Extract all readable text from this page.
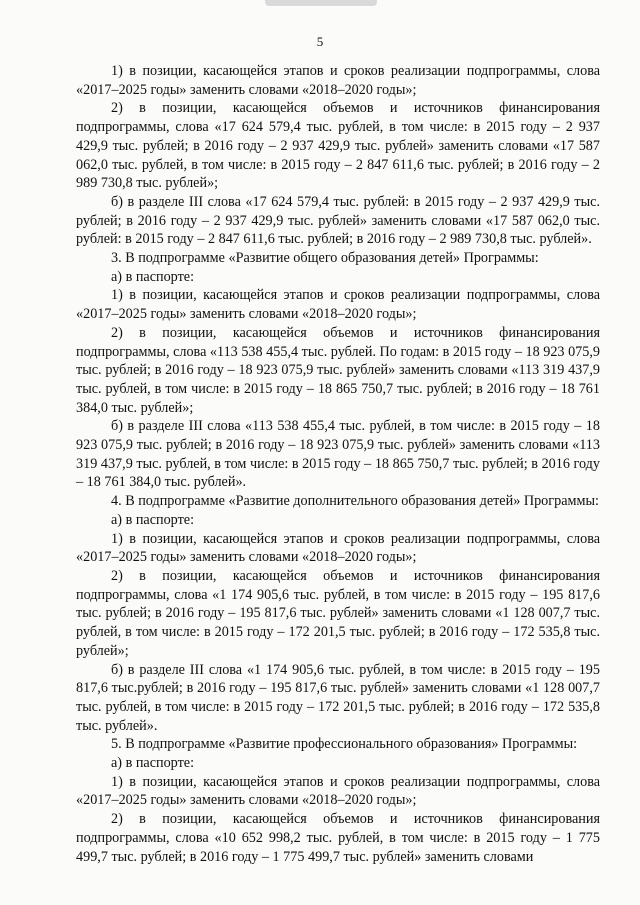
5

1) в позиции, касающейся этапов и сроков реализации подпрограммы, слова «2017–2025 годы» заменить словами «2018–2020 годы»;

2) в позиции, касающейся объемов и источников финансирования подпрограммы, слова «17 624 579,4 тыс. рублей, в том числе: в 2015 году – 2 937 429,9 тыс. рублей; в 2016 году – 2 937 429,9 тыс. рублей» заменить словами «17 587 062,0 тыс. рублей, в том числе: в 2015 году – 2 847 611,6 тыс. рублей; в 2016 году – 2 989 730,8 тыс. рублей»;

б) в разделе III слова «17 624 579,4 тыс. рублей: в 2015 году – 2 937 429,9 тыс. рублей; в 2016 году – 2 937 429,9 тыс. рублей» заменить словами «17 587 062,0 тыс. рублей: в 2015 году – 2 847 611,6 тыс. рублей; в 2016 году – 2 989 730,8 тыс. рублей».

3. В подпрограмме «Развитие общего образования детей» Программы:

а) в паспорте:

1) в позиции, касающейся этапов и сроков реализации подпрограммы, слова «2017–2025 годы» заменить словами «2018–2020 годы»;

2) в позиции, касающейся объемов и источников финансирования подпрограммы, слова «113 538 455,4 тыс. рублей. По годам: в 2015 году – 18 923 075,9 тыс. рублей; в 2016 году – 18 923 075,9 тыс. рублей» заменить словами «113 319 437,9 тыс. рублей, в том числе: в 2015 году – 18 865 750,7 тыс. рублей; в 2016 году – 18 761 384,0 тыс. рублей»;

б) в разделе III слова «113 538 455,4 тыс. рублей, в том числе: в 2015 году – 18 923 075,9 тыс. рублей; в 2016 году – 18 923 075,9 тыс. рублей» заменить словами «113 319 437,9 тыс. рублей, в том числе: в 2015 году – 18 865 750,7 тыс. рублей; в 2016 году – 18 761 384,0 тыс. рублей».

4. В подпрограмме «Развитие дополнительного образования детей» Программы:

а) в паспорте:

1) в позиции, касающейся этапов и сроков реализации подпрограммы, слова «2017–2025 годы» заменить словами «2018–2020 годы»;

2) в позиции, касающейся объемов и источников финансирования подпрограммы, слова «1 174 905,6 тыс. рублей, в том числе: в 2015 году – 195 817,6 тыс. рублей; в 2016 году – 195 817,6 тыс. рублей» заменить словами «1 128 007,7 тыс. рублей, в том числе: в 2015 году – 172 201,5 тыс. рублей; в 2016 году – 172 535,8 тыс. рублей»;

б) в разделе III слова «1 174 905,6 тыс. рублей, в том числе: в 2015 году – 195 817,6 тыс.рублей; в 2016 году – 195 817,6 тыс. рублей» заменить словами «1 128 007,7 тыс. рублей, в том числе: в 2015 году – 172 201,5 тыс. рублей; в 2016 году – 172 535,8 тыс. рублей».

5. В подпрограмме «Развитие профессионального образования» Программы:

а) в паспорте:

1) в позиции, касающейся этапов и сроков реализации подпрограммы, слова «2017–2025 годы» заменить словами «2018–2020 годы»;

2) в позиции, касающейся объемов и источников финансирования подпрограммы, слова «10 652 998,2 тыс. рублей, в том числе: в 2015 году – 1 775 499,7 тыс. рублей; в 2016 году – 1 775 499,7 тыс. рублей» заменить словами
